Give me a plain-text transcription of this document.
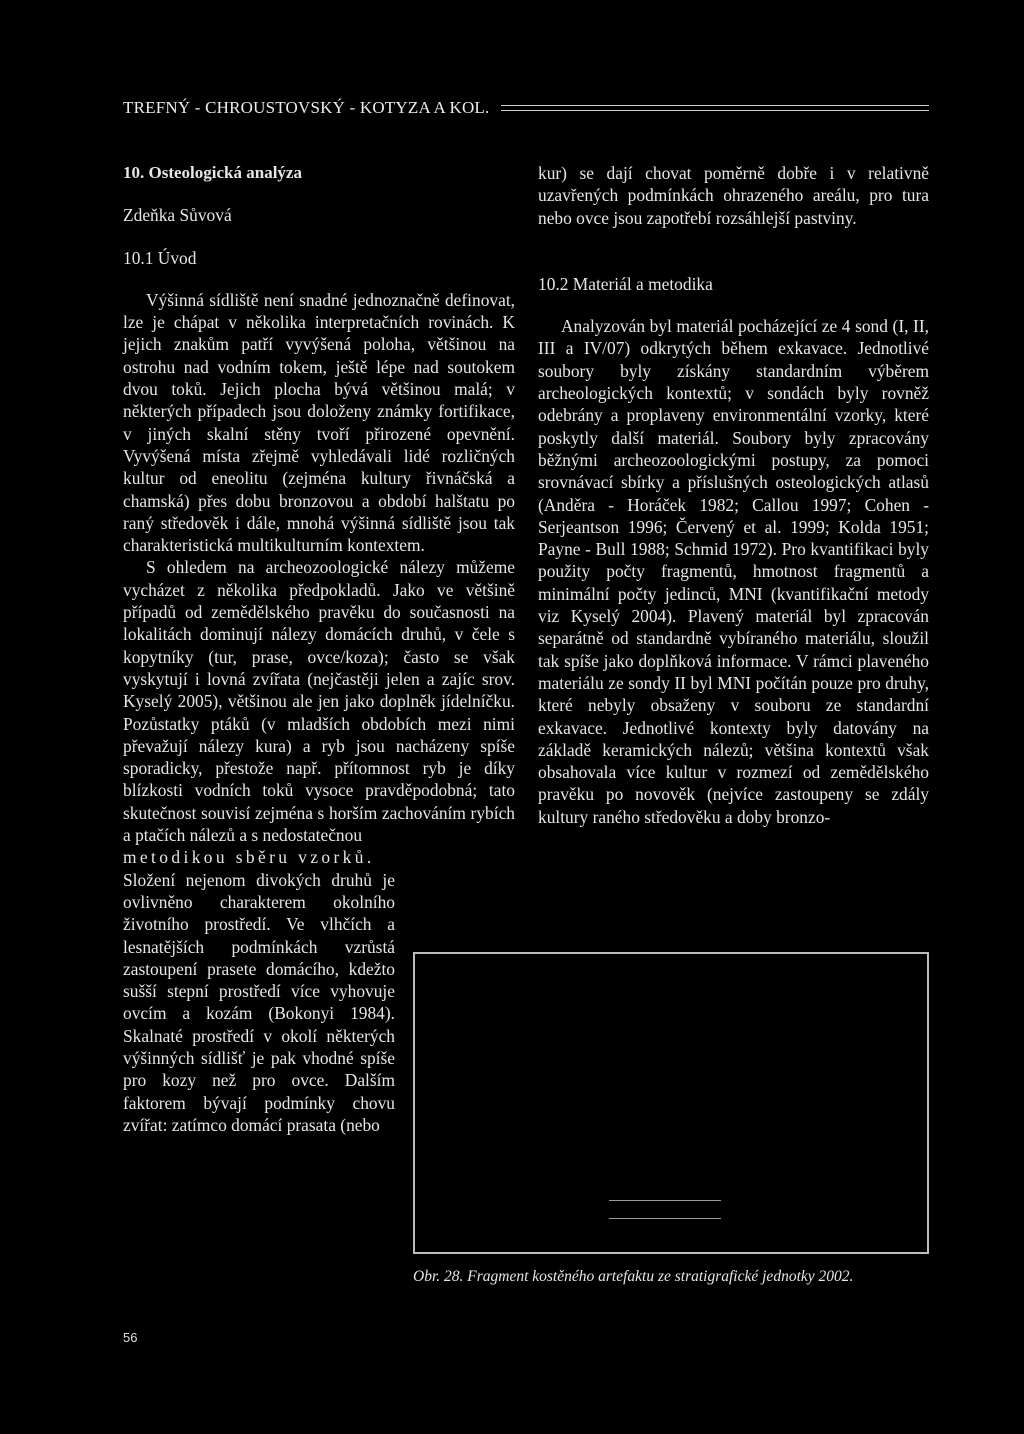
TREFNÝ - CHROUSTOVSKÝ - KOTYZA A KOL.
10. Osteologická analýza
Zdeňka Sůvová
10.1 Úvod

Výšinná sídliště není snadné jednoznačně definovat, lze je chápat v několika interpretačních rovinách. K jejich znakům patří vyvýšená poloha, většinou na ostrohu nad vodním tokem, ještě lépe nad soutokem dvou toků. Jejich plocha bývá většinou malá; v některých případech jsou doloženy známky fortifikace, v jiných skalní stěny tvoří přirozené opevnění. Vyvýšená místa zřejmě vyhledávali lidé rozličných kultur od eneolitu (zejména kultury řivnáčská a chamská) přes dobu bronzovou a období halštatu po raný středověk i dále, mnohá výšinná sídliště jsou tak charakteristická multikulturním kontextem.

S ohledem na archeozoologické nálezy můžeme vycházet z několika předpokladů. Jako ve většině případů od zemědělského pravěku do současnosti na lokalitách dominují nálezy domácích druhů, v čele s kopytníky (tur, prase, ovce/koza); často se však vyskytují i lovná zvířata (nejčastěji jelen a zajíc srov. Kyselý 2005), většinou ale jen jako doplněk jídelníčku. Pozůstatky ptáků (v mladších obdobích mezi nimi převažují nálezy kura) a ryb jsou nacházeny spíše sporadicky, přestože např. přítomnost ryb je díky blízkosti vodních toků vysoce pravděpodobná; tato skutečnost souvisí zejména s horším zachováním rybích a ptačích nálezů a s nedostatečnou

metodikou sběru vzorků.

Složení nejenom divokých druhů je ovlivněno charakterem okolního životního prostředí. Ve vlhčích a lesnatějších podmínkách vzrůstá zastoupení prasete domácího, kdežto sušší stepní prostředí více vyhovuje ovcím a kozám (Bokonyi 1984). Skalnaté prostředí v okolí některých výšinných sídlišť je pak vhodné spíše pro kozy než pro ovce. Dalším faktorem bývají podmínky chovu zvířat: zatímco domácí prasata (nebo

kur) se dají chovat poměrně dobře i v relativně uzavřených podmínkách ohrazeného areálu, pro tura nebo ovce jsou zapotřebí rozsáhlejší pastviny.

10.2 Materiál a metodika

Analyzován byl materiál pocházející ze 4 sond (I, II, III a IV/07) odkrytých během exkavace. Jednotlivé soubory byly získány standardním výběrem archeologických kontextů; v sondách byly rovněž odebrány a proplaveny environmentální vzorky, které poskytly další materiál. Soubory byly zpracovány běžnými archeozoologickými postupy, za pomoci srovnávací sbírky a příslušných osteologických atlasů (Anděra - Horáček 1982; Callou 1997; Cohen - Serjeantson 1996; Červený et al. 1999; Kolda 1951; Payne - Bull 1988; Schmid 1972). Pro kvantifikaci byly použity počty fragmentů, hmotnost fragmentů a minimální počty jedinců, MNI (kvantifikační metody viz Kyselý 2004). Plavený materiál byl zpracován separátně od standardně vybíraného materiálu, sloužil tak spíše jako doplňková informace. V rámci plaveného materiálu ze sondy II byl MNI počítán pouze pro druhy, které nebyly obsaženy v souboru ze standardní exkavace. Jednotlivé kontexty byly datovány na základě keramických nálezů; většina kontextů však obsahovala více kultur v rozmezí od zemědělského pravěku po novověk (nejvíce zastoupeny se zdály kultury raného středověku a doby bronzo-

Obr. 28. Fragment kostěného artefaktu ze stratigrafické jednotky 2002.
56
